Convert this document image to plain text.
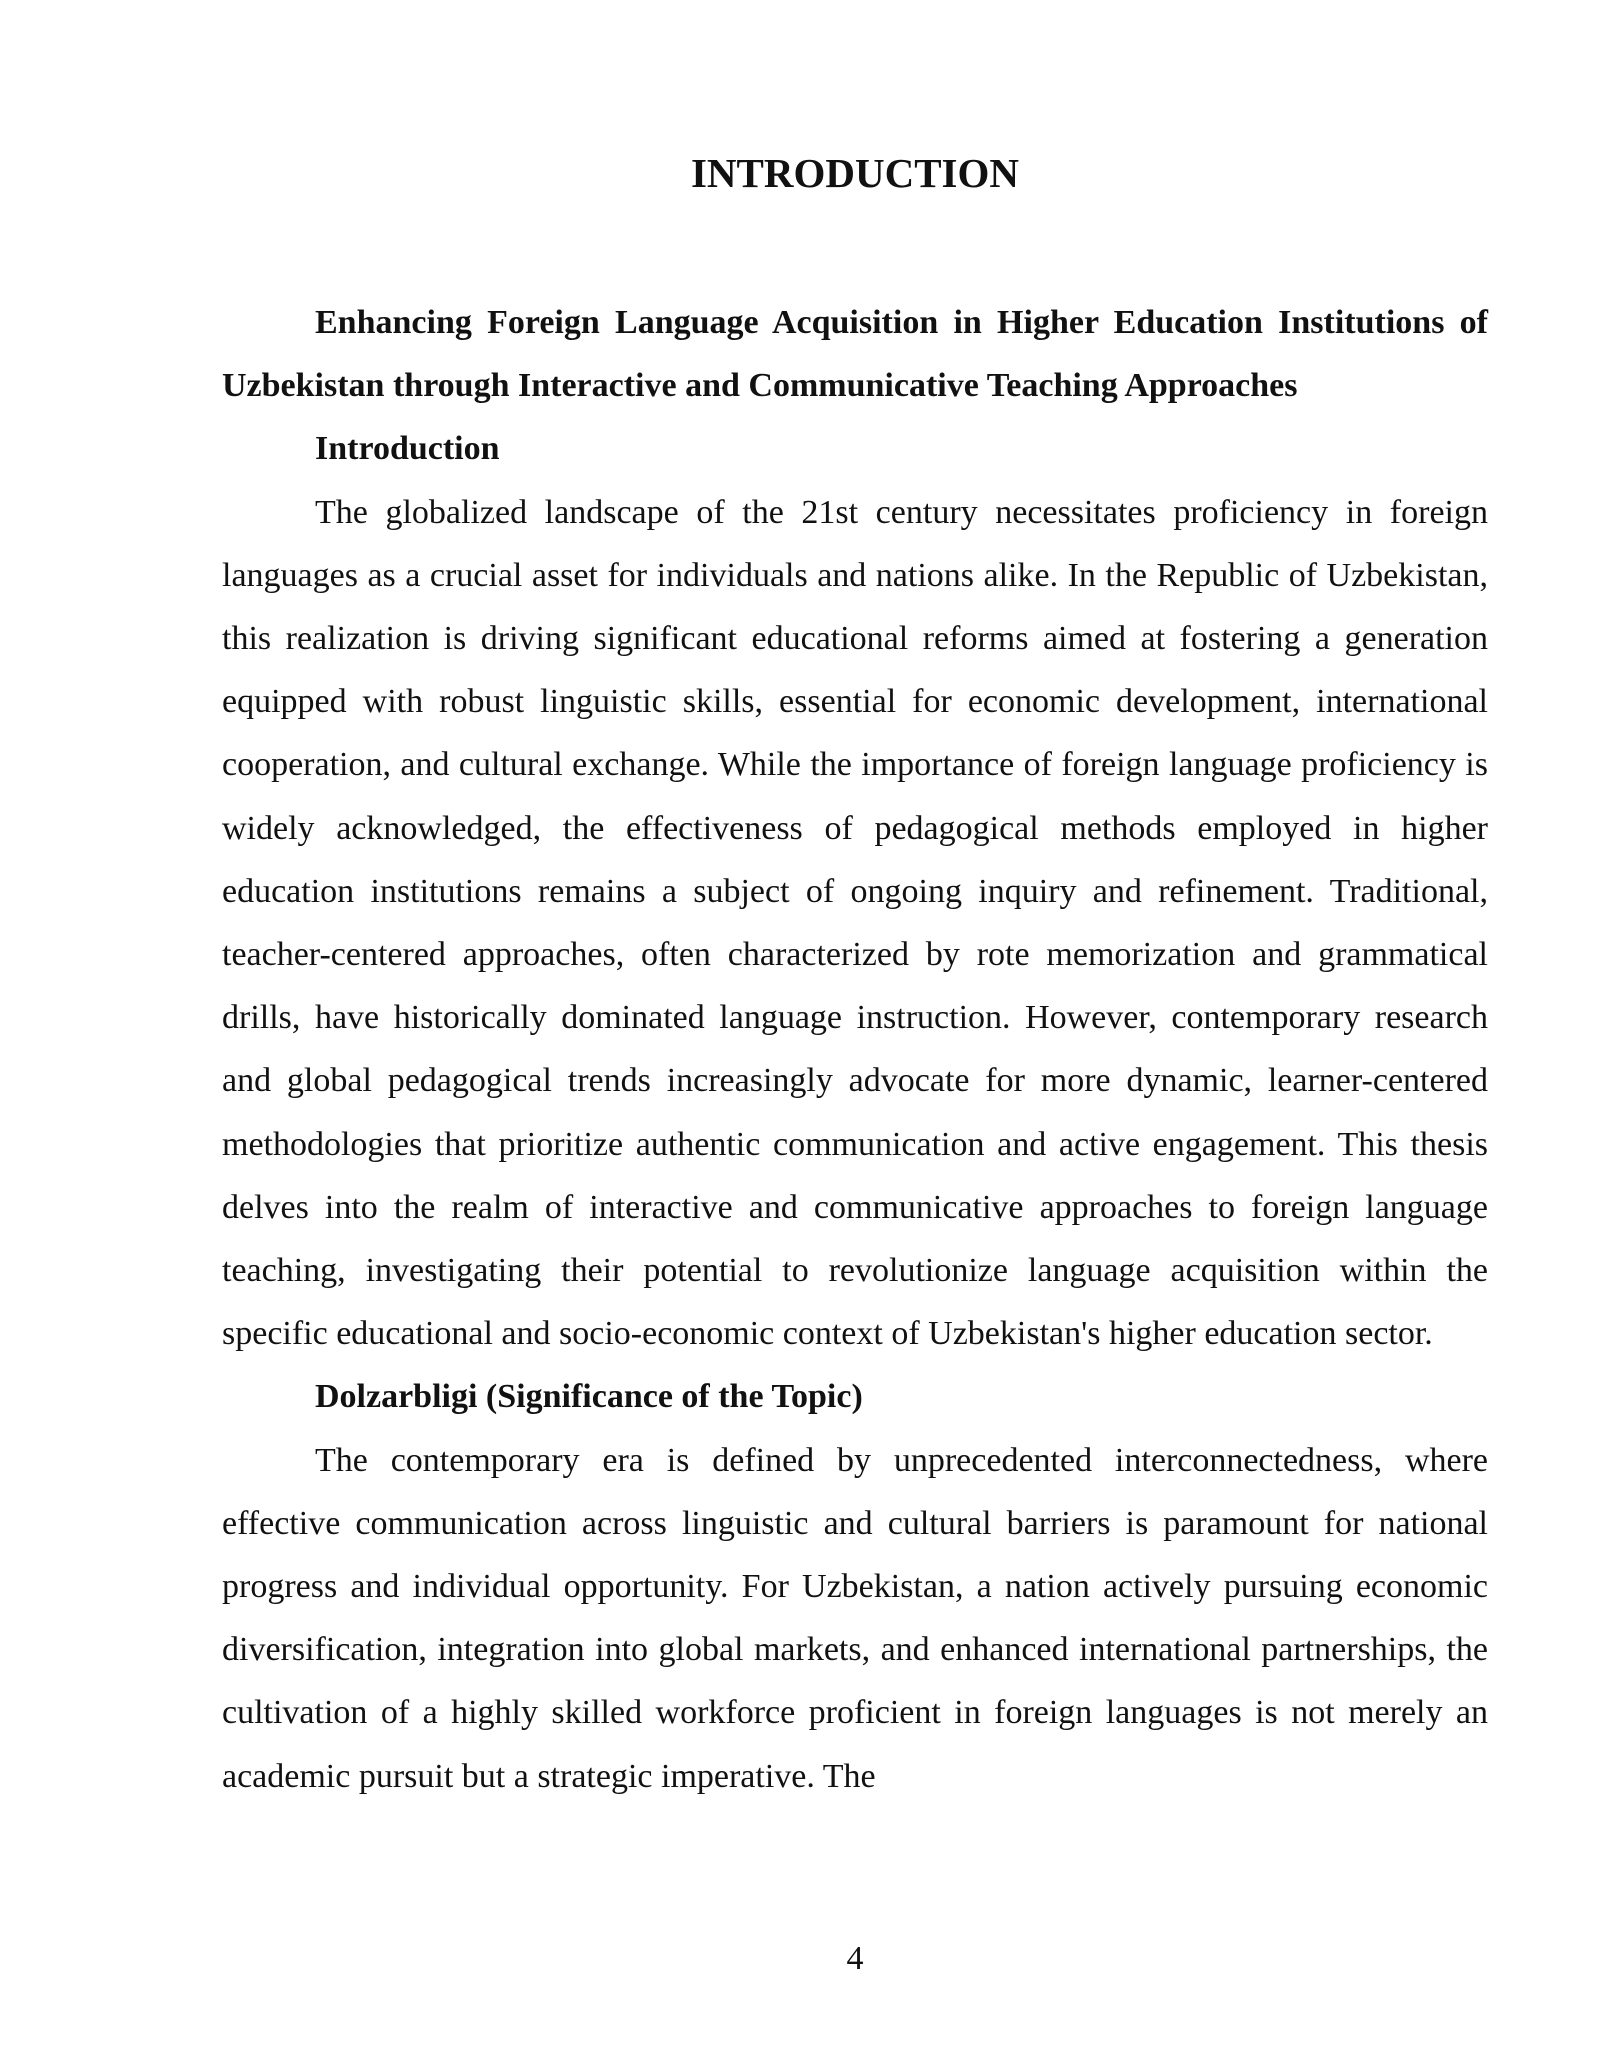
INTRODUCTION

Enhancing Foreign Language Acquisition in Higher Education Institutions of Uzbekistan through Interactive and Communicative Teaching Approaches

Introduction

The globalized landscape of the 21st century necessitates proficiency in foreign languages as a crucial asset for individuals and nations alike. In the Republic of Uzbekistan, this realization is driving significant educational reforms aimed at fostering a generation equipped with robust linguistic skills, essential for economic development, international cooperation, and cultural exchange. While the importance of foreign language proficiency is widely acknowledged, the effectiveness of pedagogical methods employed in higher education institutions remains a subject of ongoing inquiry and refinement. Traditional, teacher-centered approaches, often characterized by rote memorization and grammatical drills, have historically dominated language instruction. However, contemporary research and global pedagogical trends increasingly advocate for more dynamic, learner-centered methodologies that prioritize authentic communication and active engagement. This thesis delves into the realm of interactive and communicative approaches to foreign language teaching, investigating their potential to revolutionize language acquisition within the specific educational and socio-economic context of Uzbekistan's higher education sector.

Dolzarbligi (Significance of the Topic)

The contemporary era is defined by unprecedented interconnectedness, where effective communication across linguistic and cultural barriers is paramount for national progress and individual opportunity. For Uzbekistan, a nation actively pursuing economic diversification, integration into global markets, and enhanced international partnerships, the cultivation of a highly skilled workforce proficient in foreign languages is not merely an academic pursuit but a strategic imperative. The

4
